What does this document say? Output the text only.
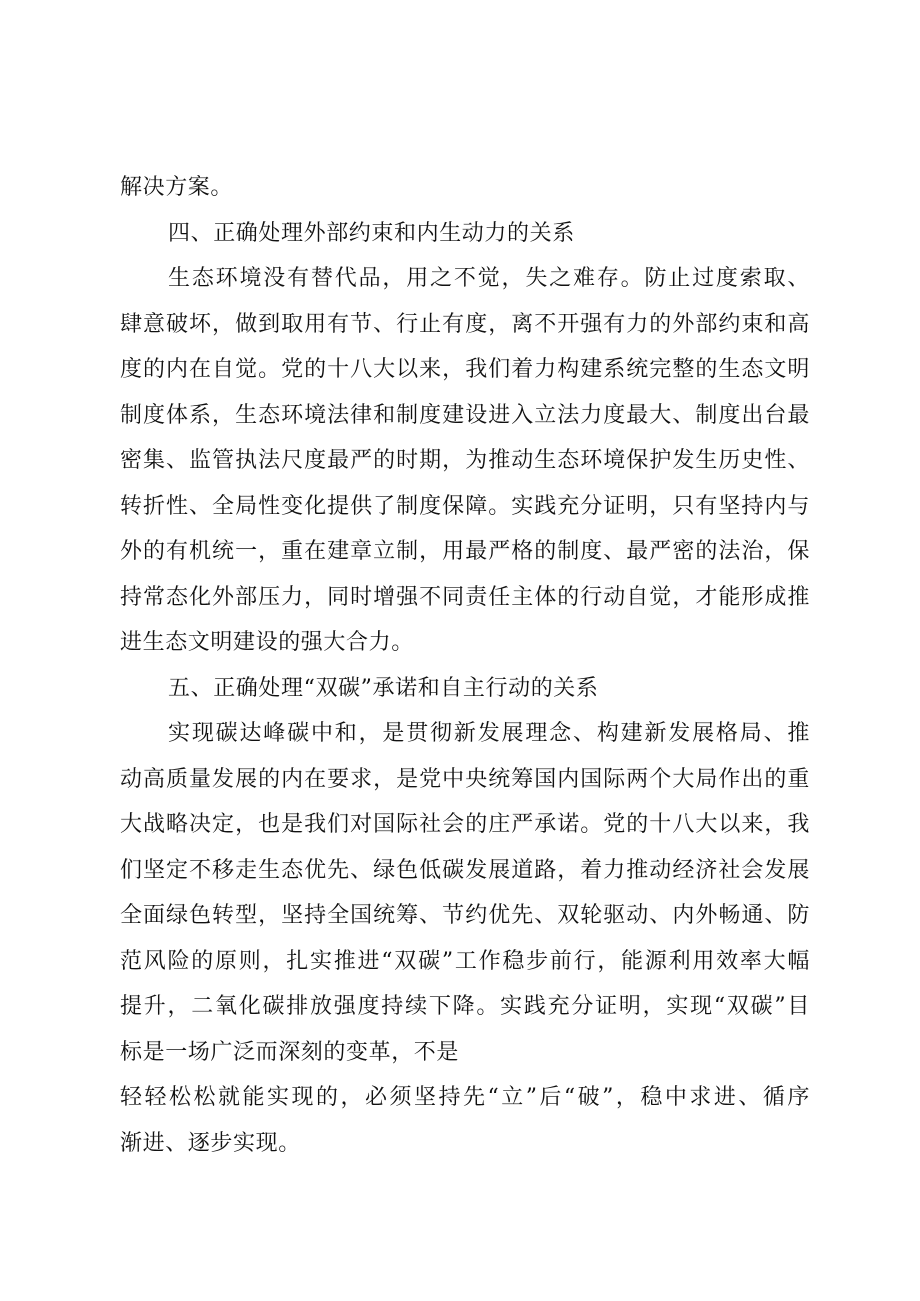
解决方案。
四、正确处理外部约束和内生动力的关系
生态环境没有替代品，用之不觉，失之难存。防止过度索取、
肆意破坏，做到取用有节、行止有度，离不开强有力的外部约束和高
度的内在自觉。党的十八大以来，我们着力构建系统完整的生态文明
制度体系，生态环境法律和制度建设进入立法力度最大、制度出台最
密集、监管执法尺度最严的时期，为推动生态环境保护发生历史性、
转折性、全局性变化提供了制度保障。实践充分证明，只有坚持内与
外的有机统一，重在建章立制，用最严格的制度、最严密的法治，保
持常态化外部压力，同时增强不同责任主体的行动自觉，才能形成推
进生态文明建设的强大合力。
五、正确处理“双碳”承诺和自主行动的关系
实现碳达峰碳中和，是贯彻新发展理念、构建新发展格局、推
动高质量发展的内在要求，是党中央统筹国内国际两个大局作出的重
大战略决定，也是我们对国际社会的庄严承诺。党的十八大以来，我
们坚定不移走生态优先、绿色低碳发展道路，着力推动经济社会发展
全面绿色转型，坚持全国统筹、节约优先、双轮驱动、内外畅通、防
范风险的原则，扎实推进“双碳”工作稳步前行，能源利用效率大幅
提升，二氧化碳排放强度持续下降。实践充分证明，实现“双碳”目
标是一场广泛而深刻的变革，不是
轻轻松松就能实现的，必须坚持先“立”后“破”，稳中求进、循序
渐进、逐步实现。
